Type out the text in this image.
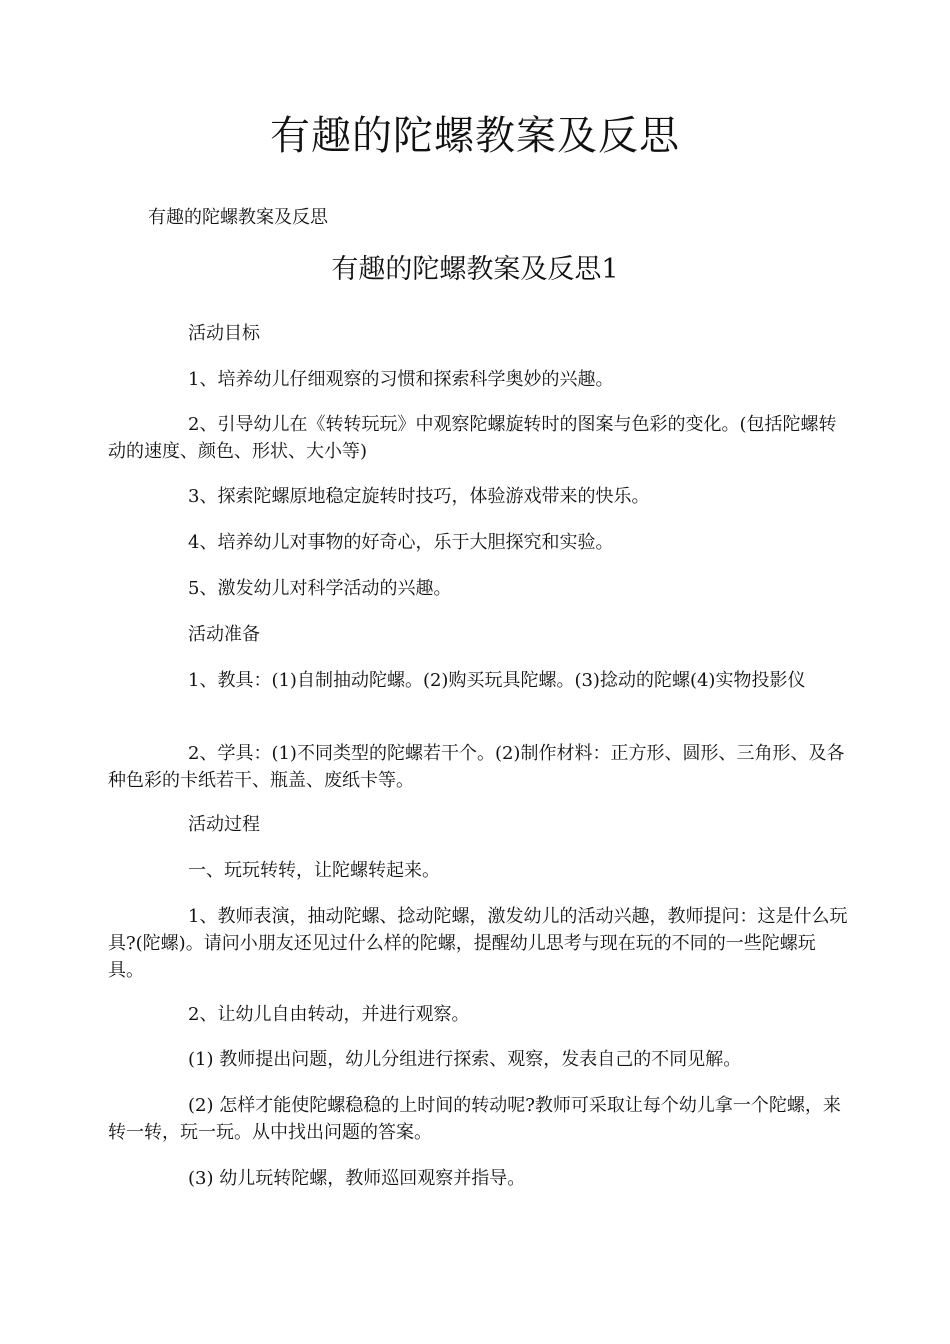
有趣的陀螺教案及反思
有趣的陀螺教案及反思
有趣的陀螺教案及反思1

活动目标

1、培养幼儿仔细观察的习惯和探索科学奥妙的兴趣。

2、引导幼儿在《转转玩玩》中观察陀螺旋转时的图案与色彩的变化。(包括陀螺转动的速度、颜色、形状、大小等)

3、探索陀螺原地稳定旋转时技巧，体验游戏带来的快乐。

4、培养幼儿对事物的好奇心，乐于大胆探究和实验。

5、激发幼儿对科学活动的兴趣。

活动准备

1、教具：(1)自制抽动陀螺。(2)购买玩具陀螺。(3)捻动的陀螺(4)实物投影仪

2、学具：(1)不同类型的陀螺若干个。(2)制作材料：正方形、圆形、三角形、及各种色彩的卡纸若干、瓶盖、废纸卡等。

活动过程

一、玩玩转转，让陀螺转起来。

1、教师表演，抽动陀螺、捻动陀螺，激发幼儿的活动兴趣，教师提问：这是什么玩具?(陀螺)。请问小朋友还见过什么样的陀螺，提醒幼儿思考与现在玩的不同的一些陀螺玩具。

2、让幼儿自由转动，并进行观察。

(1) 教师提出问题，幼儿分组进行探索、观察，发表自己的不同见解。

(2) 怎样才能使陀螺稳稳的上时间的转动呢?教师可采取让每个幼儿拿一个陀螺，来转一转，玩一玩。从中找出问题的答案。

(3) 幼儿玩转陀螺，教师巡回观察并指导。
